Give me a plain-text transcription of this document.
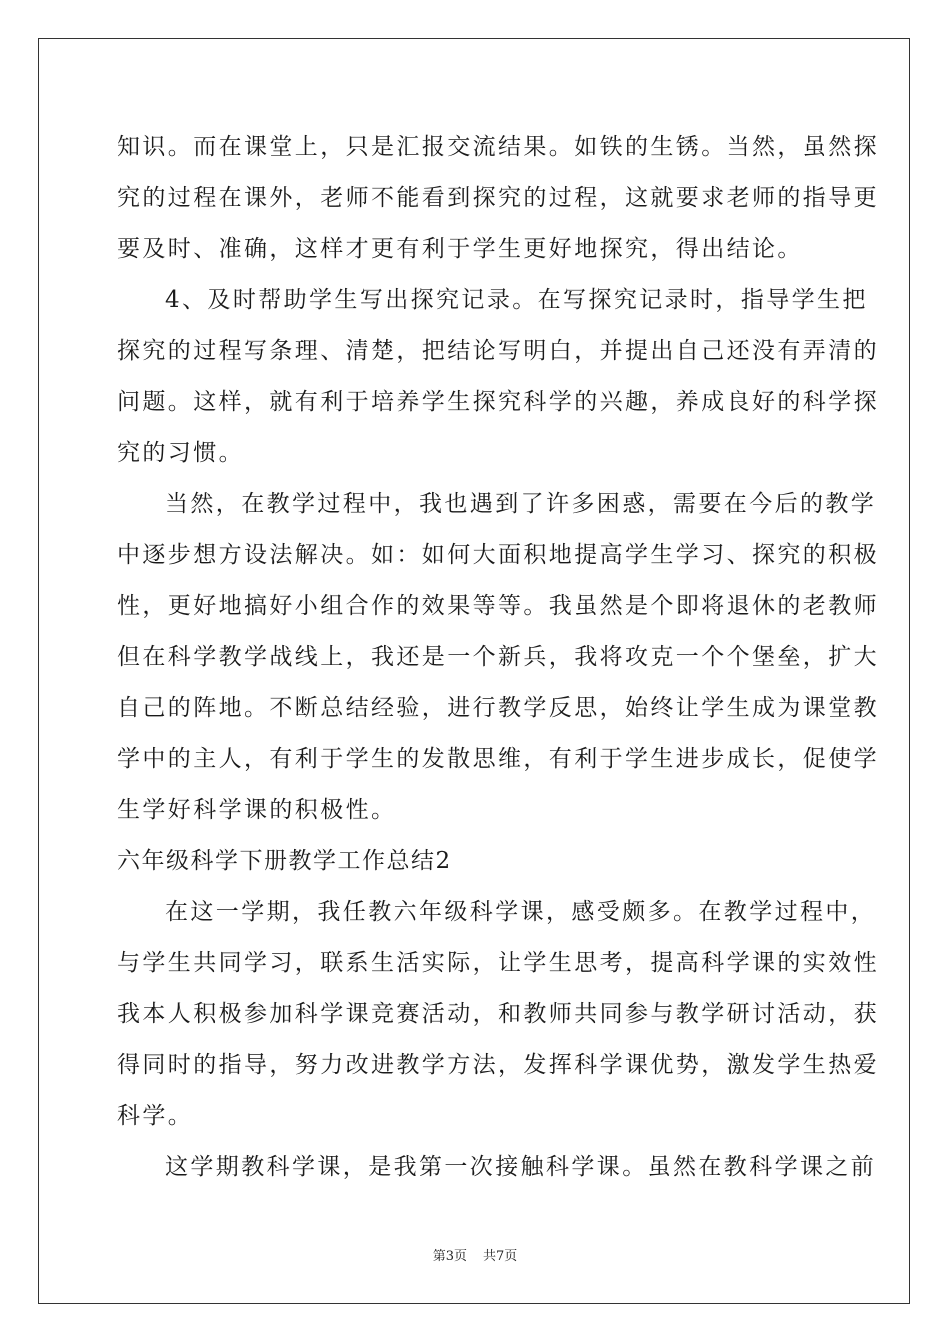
知识。而在课堂上，只是汇报交流结果。如铁的生锈。当然，虽然探
究的过程在课外，老师不能看到探究的过程，这就要求老师的指导更
要及时、准确，这样才更有利于学生更好地探究，得出结论。
4、及时帮助学生写出探究记录。在写探究记录时，指导学生把
探究的过程写条理、清楚，把结论写明白，并提出自己还没有弄清的
问题。这样，就有利于培养学生探究科学的兴趣，养成良好的科学探
究的习惯。
当然，在教学过程中，我也遇到了许多困惑，需要在今后的教学
中逐步想方设法解决。如：如何大面积地提高学生学习、探究的积极
性，更好地搞好小组合作的效果等等。我虽然是个即将退休的老教师
但在科学教学战线上，我还是一个新兵，我将攻克一个个堡垒，扩大
自己的阵地。不断总结经验，进行教学反思，始终让学生成为课堂教
学中的主人，有利于学生的发散思维，有利于学生进步成长，促使学
生学好科学课的积极性。
六年级科学下册教学工作总结2
在这一学期，我任教六年级科学课，感受颇多。在教学过程中，
与学生共同学习，联系生活实际，让学生思考，提高科学课的实效性
我本人积极参加科学课竞赛活动，和教师共同参与教学研讨活动，获
得同时的指导，努力改进教学方法，发挥科学课优势，激发学生热爱
科学。
这学期教科学课，是我第一次接触科学课。虽然在教科学课之前
第3页 共7页
